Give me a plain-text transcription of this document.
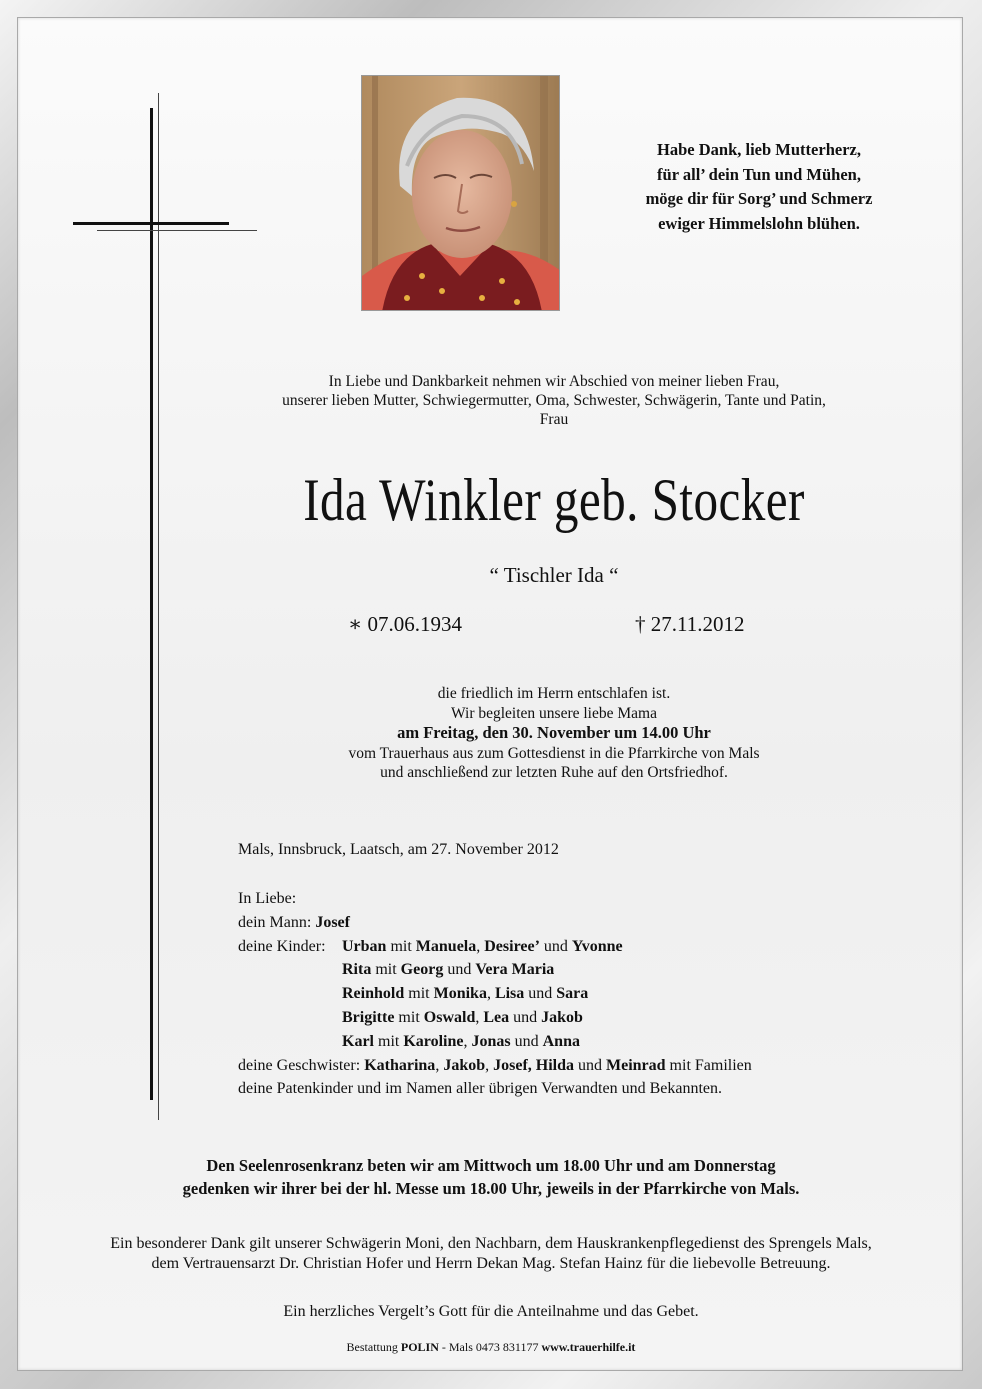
Habe Dank, lieb Mutterherz,
für all’ dein Tun und Mühen,
möge dir für Sorg’ und Schmerz
ewiger Himmelslohn blühen.
In Liebe und Dankbarkeit nehmen wir Abschied von meiner lieben Frau,
unserer lieben Mutter, Schwiegermutter, Oma, Schwester, Schwägerin, Tante und Patin,
Frau
Ida Winkler geb. Stocker
“ Tischler Ida “
∗ 07.06.1934	† 27.11.2012
die friedlich im Herrn entschlafen ist.
Wir begleiten unsere liebe Mama
am Freitag, den 30. November um 14.00 Uhr
vom Trauerhaus aus zum Gottesdienst in die Pfarrkirche von Mals
und anschließend zur letzten Ruhe auf den Ortsfriedhof.
Mals, Innsbruck, Laatsch, am 27. November 2012
In Liebe:
dein Mann:
Josef
deine Kinder:	Urban mit Manuela, Desiree’ und Yvonne
Rita mit Georg und Vera Maria
Reinhold mit Monika, Lisa und Sara
Brigitte mit Oswald, Lea und Jakob
Karl mit Karoline, Jonas und Anna
deine Geschwister:
Katharina, Jakob, Josef, Hilda und Meinrad mit Familien
deine Patenkinder und im Namen aller übrigen Verwandten und Bekannten.
Den Seelenrosenkranz beten wir am Mittwoch um 18.00 Uhr und am Donnerstag
gedenken wir ihrer bei der hl. Messe um 18.00 Uhr, jeweils in der Pfarrkirche von Mals.
Ein besonderer Dank gilt unserer Schwägerin Moni, den Nachbarn, dem Hauskrankenpflegedienst des Sprengels Mals,
dem Vertrauensarzt Dr. Christian Hofer und Herrn Dekan Mag. Stefan Hainz für die liebevolle Betreuung.
Ein herzliches Vergelt’s Gott für die Anteilnahme und das Gebet.
Bestattung POLIN - Mals 0473 831177 www.trauerhilfe.it
